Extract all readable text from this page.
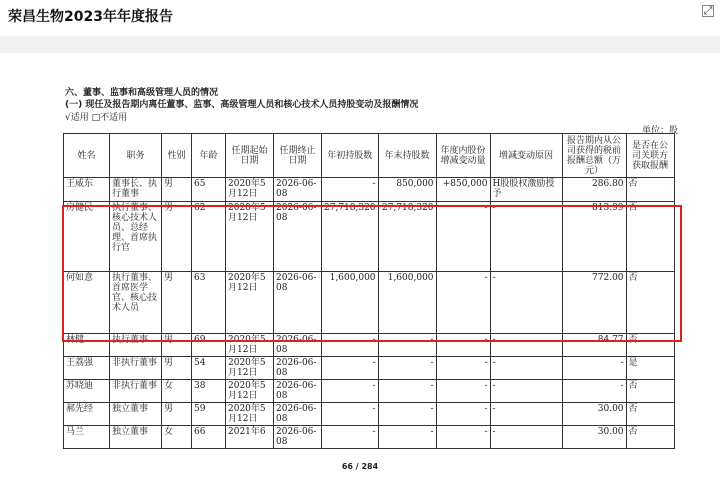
荣昌生物2023年年度报告	⤢
六、董事、监事和高级管理人员的情况
(一) 现任及报告期内离任董事、监事、高级管理人员和核心技术人员持股变动及报酬情况
√适用 □不适用
单位：股
姓名	职务	性别	年龄	任期起始日期	任期终止日期	年初持股数	年末持股数	年度内股份增减变动量	增减变动原因	报告期内从公司获得的税前报酬总额（万元）	是否在公司关联方获取报酬
王威东	董事长、执行董事	男	65	2020年5月12日	2026-06-08	-	850,000	+850,000	H股股权激励授予	286.80	否
房健民	执行董事、核心技术人员、总经理、首席执行官	男	62	2020年5月12日	2026-06-08	27,718,320	27,718,320	-	-	813.99	否
何如意	执行董事、首席医学官、核心技术人员	男	63	2020年5月12日	2026-06-08	1,600,000	1,600,000	-	-	772.00	否
林健	执行董事	男	69	2020年5月12日	2026-06-08	-	-	-	-	84.77	否
王荔强	非执行董事	男	54	2020年5月12日	2026-06-08	-	-	-	-	-	是
苏晓迪	非执行董事	女	38	2020年5月12日	2026-06-08	-	-	-	-	-	否
郝先经	独立董事	男	59	2020年5月12日	2026-06-08	-	-	-	-	30.00	否
马兰	独立董事	女	66	2021年6	2026-06-08	-	-	-	-	30.00	否
66 / 284
